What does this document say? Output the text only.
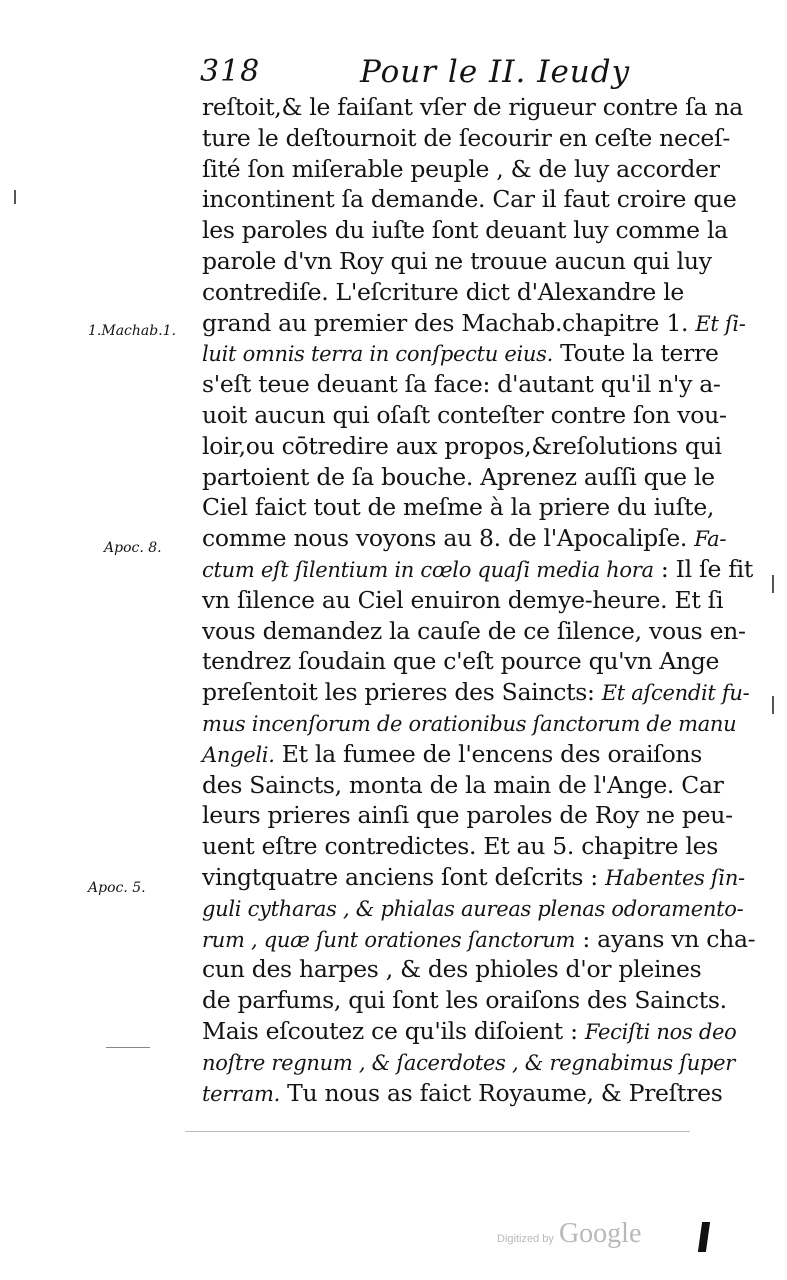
318	Pour le II. Ieudy
reſtoit,& le faiſant vſer de rigueur contre ſa na
ture le deſtournoit de ſecourir en ceſte neceſ-
ſité ſon miſerable peuple , & de luy accorder
incontinent ſa demande. Car il faut croire que
les paroles du iuſte ſont deuant luy comme la
parole d'vn Roy qui ne trouue aucun qui luy
contrediſe. L'eſcriture dict d'Alexandre le
grand au premier des Machab.chapitre 1. Et ſi-
luit omnis terra in conſpectu eius. Toute la terre
s'eſt teue deuant ſa face: d'autant qu'il n'y a-
uoit aucun qui oſaſt conteſter contre ſon vou-
loir,ou cōtredire aux propos,&reſolutions qui
partoient de ſa bouche. Aprenez auſſi que le
Ciel faict tout de meſme à la priere du iuſte,
comme nous voyons au 8. de l'Apocalipſe. Fa-
ctum eſt ſilentium in cœlo quaſi media hora : Il ſe fit
vn ſilence au Ciel enuiron demye-heure. Et ſi
vous demandez la cauſe de ce ſilence, vous en-
tendrez ſoudain que c'eſt pource qu'vn Ange
preſentoit les prieres des Saincts: Et aſcendit fu-
mus incenſorum de orationibus ſanctorum de manu
Angeli. Et la fumee de l'encens des oraiſons
des Saincts, monta de la main de l'Ange. Car
leurs prieres ainſi que paroles de Roy ne peu-
uent eſtre contredictes. Et au 5. chapitre les
vingtquatre anciens ſont deſcrits : Habentes ſin-
guli cytharas , & phialas aureas plenas odoramento-
rum , quæ ſunt orationes ſanctorum : ayans vn cha-
cun des harpes , & des phioles d'or pleines
de parfums, qui ſont les oraiſons des Saincts.
Mais eſcoutez ce qu'ils diſoient : Feciſti nos deo
noſtre regnum , & ſacerdotes , & regnabimus ſuper
terram. Tu nous as faict Royaume, & Preſtres
1.Machab.1.
Apoc. 8.
Apoc. 5.
Digitized by Google
